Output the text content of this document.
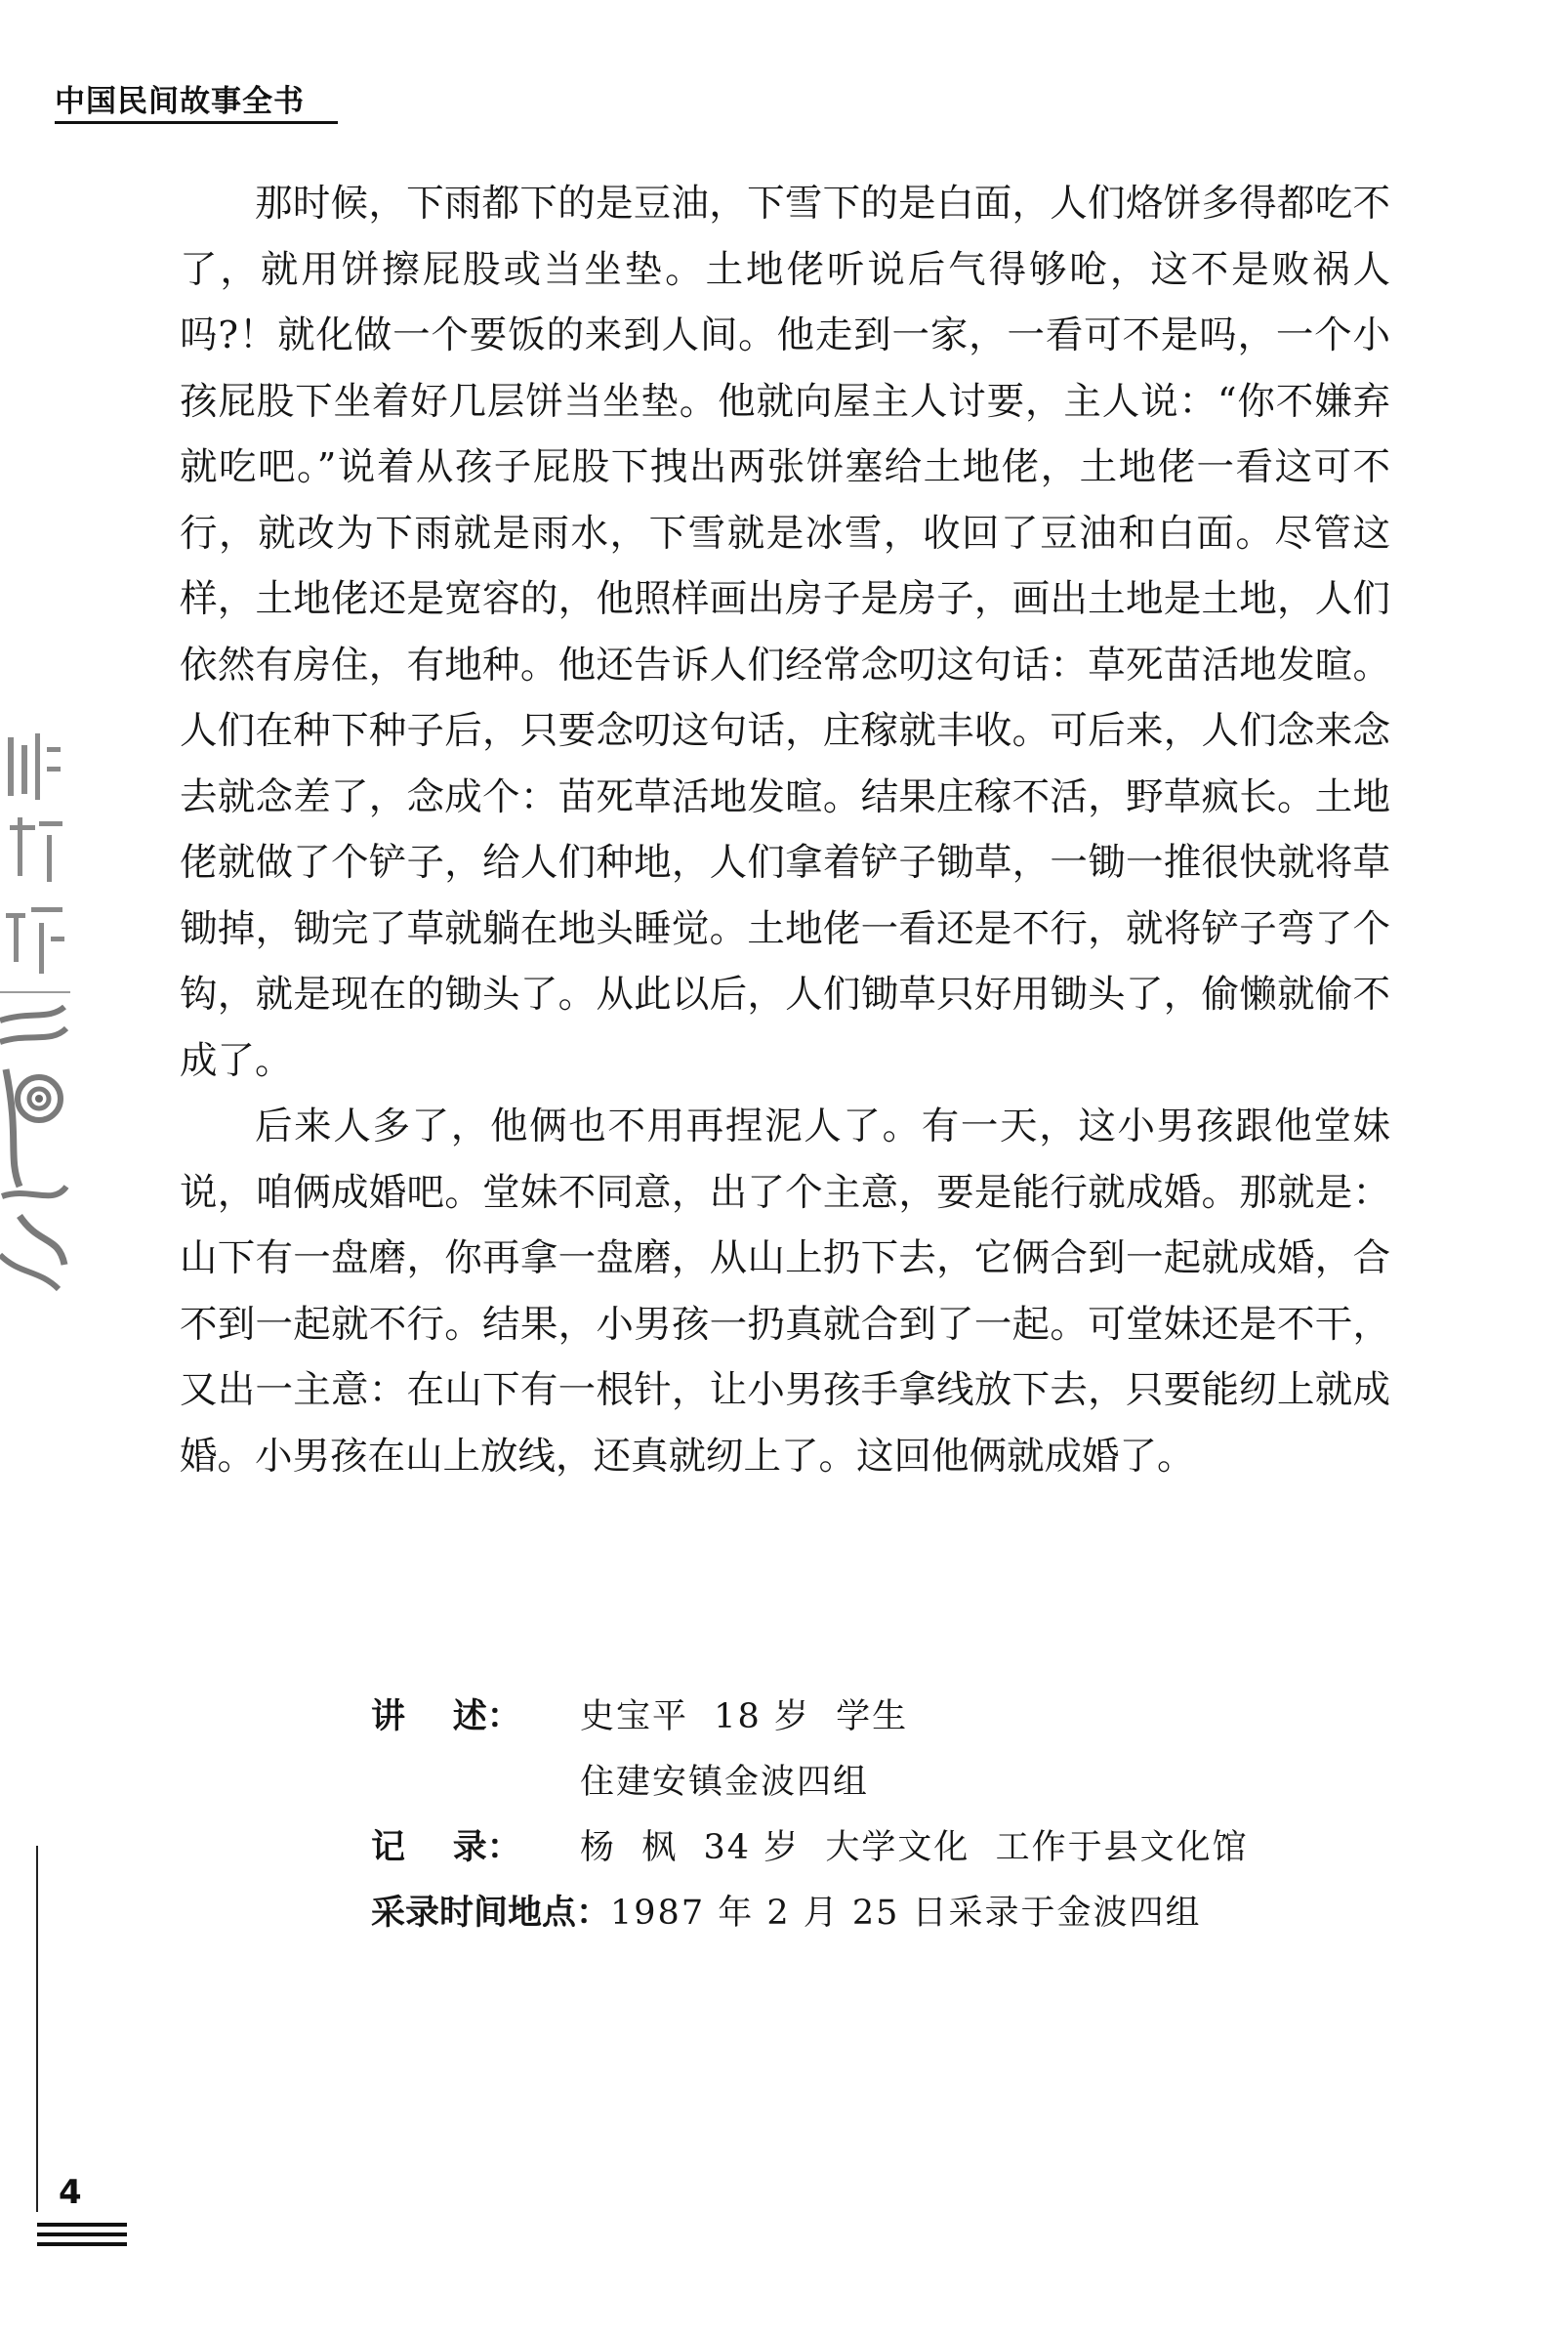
中国民间故事全书

那时候，下雨都下的是豆油，下雪下的是白面，人们烙饼多得都吃不了，就用饼擦屁股或当坐垫。土地佬听说后气得够呛，这不是败祸人吗?！就化做一个要饭的来到人间。他走到一家，一看可不是吗，一个小孩屁股下坐着好几层饼当坐垫。他就向屋主人讨要，主人说：“你不嫌弃就吃吧。”说着从孩子屁股下拽出两张饼塞给土地佬，土地佬一看这可不行，就改为下雨就是雨水，下雪就是冰雪，收回了豆油和白面。尽管这样，土地佬还是宽容的，他照样画出房子是房子，画出土地是土地，人们依然有房住，有地种。他还告诉人们经常念叨这句话：草死苗活地发暄。人们在种下种子后，只要念叨这句话，庄稼就丰收。可后来，人们念来念去就念差了，念成个：苗死草活地发暄。结果庄稼不活，野草疯长。土地佬就做了个铲子，给人们种地，人们拿着铲子锄草，一锄一推很快就将草锄掉，锄完了草就躺在地头睡觉。土地佬一看还是不行，就将铲子弯了个钩，就是现在的锄头了。从此以后，人们锄草只好用锄头了，偷懒就偷不成了。

后来人多了，他俩也不用再捏泥人了。有一天，这小男孩跟他堂妹说，咱俩成婚吧。堂妹不同意，出了个主意，要是能行就成婚。那就是：山下有一盘磨，你再拿一盘磨，从山上扔下去，它俩合到一起就成婚，合不到一起就不行。结果，小男孩一扔真就合到了一起。可堂妹还是不干，又出一主意：在山下有一根针，让小男孩手拿线放下去，只要能纫上就成婚。小男孩在山上放线，还真就纫上了。这回他俩就成婚了。

讲    述：	史宝平  18 岁  学生
住建安镇金波四组
记    录：	杨  枫  34 岁  大学文化  工作于县文化馆
采录时间地点： 1987 年 2 月 25 日采录于金波四组
4
